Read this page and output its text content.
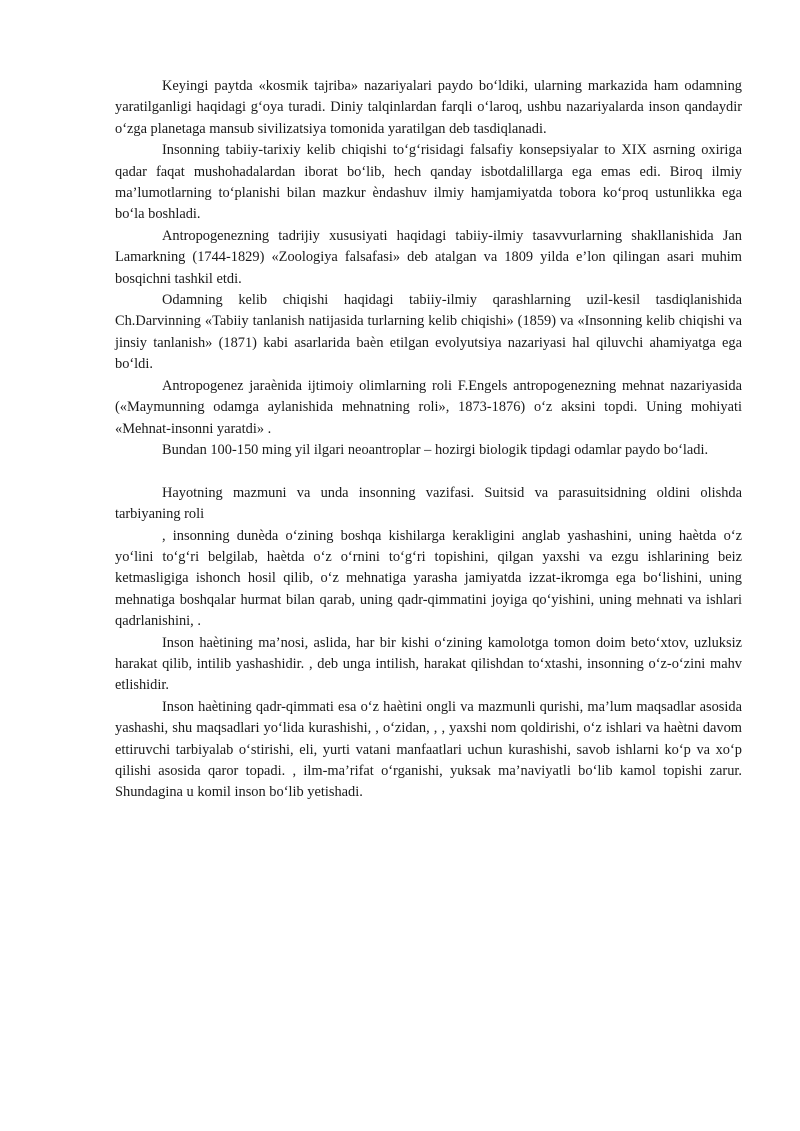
Keyingi paytda «kosmik tajriba» nazariyalari paydo bo‘ldiki, ularning markazida ham odamning yaratilganligi haqidagi g‘oya turadi. Diniy talqinlardan farqli o‘laroq, ushbu nazariyalarda inson qandaydir o‘zga planetaga mansub sivilizatsiya tomonida yaratilgan deb tasdiqlanadi.

Insonning tabiiy-tarixiy kelib chiqishi to‘g‘risidagi falsafiy konsepsiyalar to XIX asrning oxiriga qadar faqat mushohadalardan iborat bo‘lib, hech qanday isbotdalillarga ega emas edi. Biroq ilmiy ma’lumotlarning to‘planishi bilan mazkur èndashuv ilmiy hamjamiyatda tobora ko‘proq ustunlikka ega bo‘la boshladi.

Antropogenezning tadrijiy xususiyati haqidagi tabiiy-ilmiy tasavvurlarning shakllanishida Jan Lamarkning (1744-1829) «Zoologiya falsafasi» deb atalgan va 1809 yilda e’lon qilingan asari muhim bosqichni tashkil etdi.

Odamning kelib chiqishi haqidagi tabiiy-ilmiy qarashlarning uzil-kesil tasdiqlanishida Ch.Darvinning «Tabiiy tanlanish natijasida turlarning kelib chiqishi» (1859) va «Insonning kelib chiqishi va jinsiy tanlanish» (1871) kabi asarlarida baèn etilgan evolyutsiya nazariyasi hal qiluvchi ahamiyatga ega bo‘ldi.

Antropogenez jaraènida ijtimoiy olimlarning roli F.Engels antropogenezning mehnat nazariyasida («Maymunning odamga aylanishida mehnatning roli», 1873-1876) o‘z aksini topdi. Uning mohiyati «Mehnat-insonni yaratdi» .

Bundan 100-150 ming yil ilgari neoantroplar – hozirgi biologik tipdagi odamlar paydo bo‘ladi.

Hayotning mazmuni va unda insonning vazifasi. Suitsid va parasuitsidning oldini olishda tarbiyaning roli

, insonning dunèda o‘zining boshqa kishilarga kerakligini anglab yashashini, uning haètda o‘z yo‘lini to‘g‘ri belgilab, haètda o‘z o‘rnini to‘g‘ri topishini, qilgan yaxshi va ezgu ishlarining beiz ketmasligiga ishonch hosil qilib, o‘z mehnatiga yarasha jamiyatda izzat-ikromga ega bo‘lishini, uning mehnatiga boshqalar hurmat bilan qarab, uning qadr-qimmatini joyiga qo‘yishini, uning mehnati va ishlari qadrlanishini, .

Inson haètining ma’nosi, aslida, har bir kishi o‘zining kamolotga tomon doim beto‘xtov, uzluksiz harakat qilib, intilib yashashidir. , deb unga intilish, harakat qilishdan to‘xtashi, insonning o‘z-o‘zini mahv etlishidir.

Inson haètining qadr-qimmati esa o‘z haètini ongli va mazmunli qurishi, ma’lum maqsadlar asosida yashashi, shu maqsadlari yo‘lida kurashishi, , o‘zidan, , , yaxshi nom qoldirishi, o‘z ishlari va haètni davom ettiruvchi tarbiyalab o‘stirishi, eli, yurti vatani manfaatlari uchun kurashishi, savob ishlarni ko‘p va xo‘p qilishi asosida qaror topadi. , ilm-ma’rifat o‘rganishi, yuksak ma’naviyatli bo‘lib kamol topishi zarur. Shundagina u komil inson bo‘lib yetishadi.
